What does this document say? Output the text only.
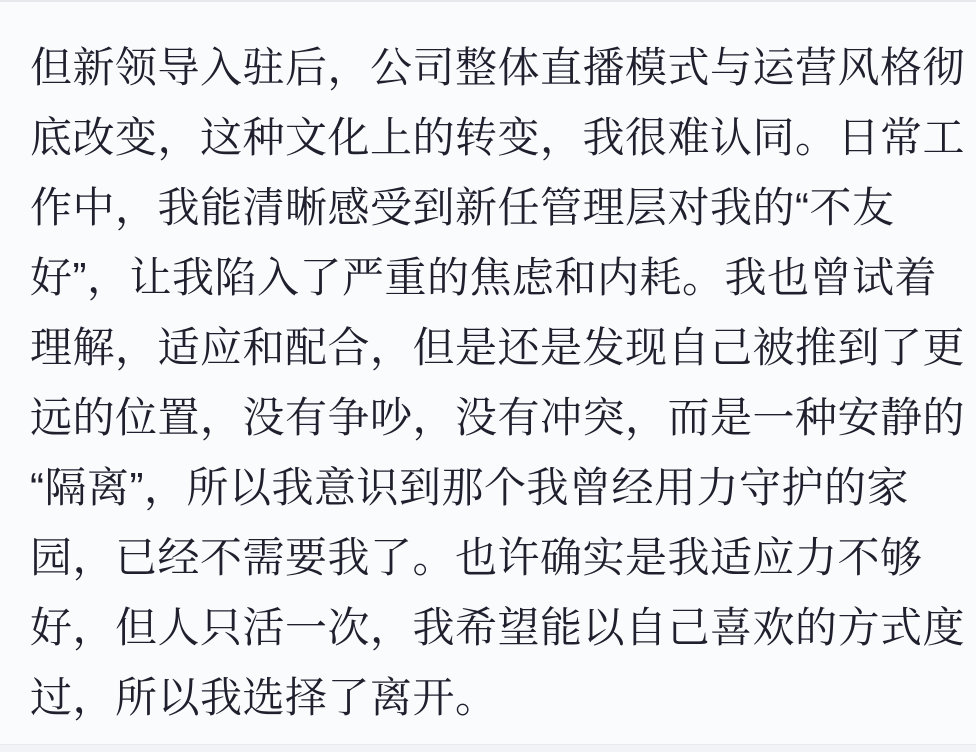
但新领导入驻后，公司整体直播模式与运营风格彻
底改变，这种文化上的转变，我很难认同。日常工
作中，我能清晰感受到新任管理层对我的“不友
好”，让我陷入了严重的焦虑和内耗。我也曾试着
理解，适应和配合，但是还是发现自己被推到了更
远的位置，没有争吵，没有冲突，而是一种安静的
“隔离”，所以我意识到那个我曾经用力守护的家
园，已经不需要我了。也许确实是我适应力不够
好，但人只活一次，我希望能以自己喜欢的方式度
过，所以我选择了离开。
